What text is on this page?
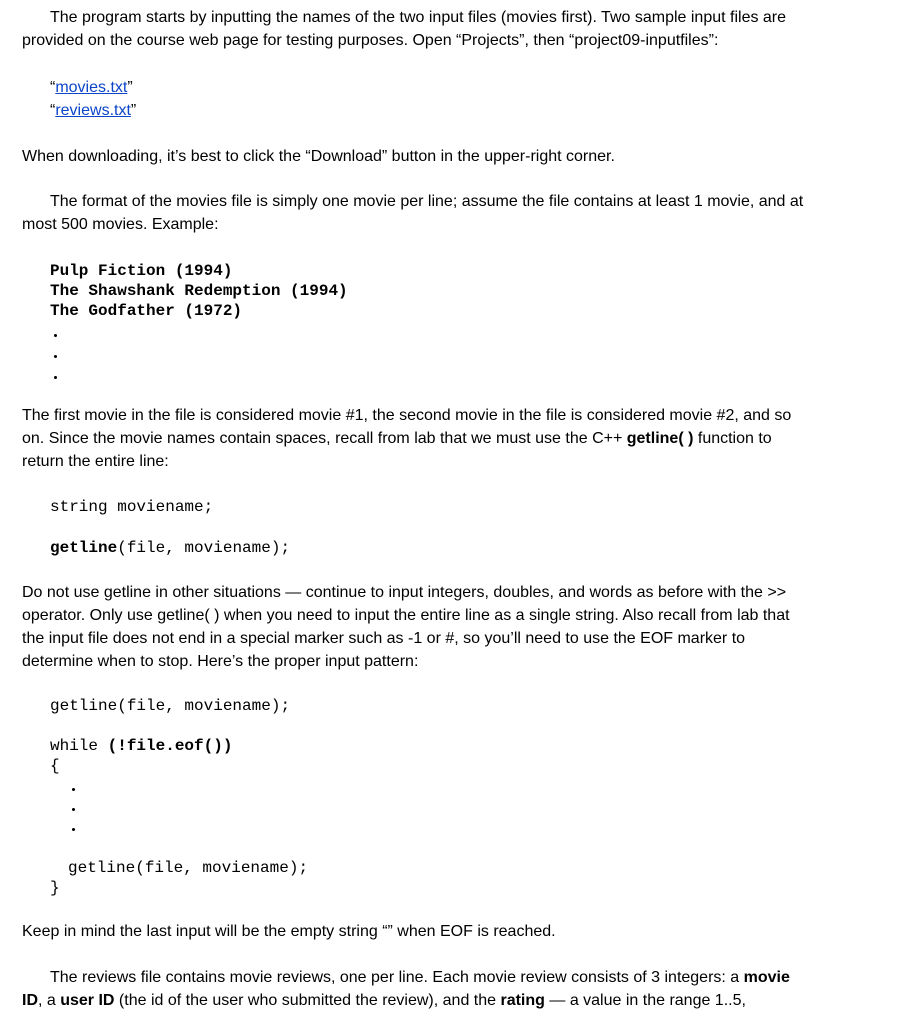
The program starts by inputting the names of the two input files (movies first). Two sample input files are
provided on the course web page for testing purposes. Open “Projects”, then “project09-inputfiles”:
“movies.txt”
“reviews.txt”
When downloading, it’s best to click the “Download” button in the upper-right corner.
The format of the movies file is simply one movie per line; assume the file contains at least 1 movie, and at
most 500 movies. Example:
Pulp Fiction (1994)
The Shawshank Redemption (1994)
The Godfather (1972)
The first movie in the file is considered movie #1, the second movie in the file is considered movie #2, and so
on. Since the movie names contain spaces, recall from lab that we must use the C++ getline( ) function to
return the entire line:
string moviename;
getline(file, moviename);
Do not use getline in other situations — continue to input integers, doubles, and words as before with the >>
operator. Only use getline( ) when you need to input the entire line as a single string. Also recall from lab that
the input file does not end in a special marker such as -1 or #, so you’ll need to use the EOF marker to
determine when to stop. Here’s the proper input pattern:
getline(file, moviename);
while (!file.eof())
{
getline(file, moviename);
}
Keep in mind the last input will be the empty string “” when EOF is reached.
The reviews file contains movie reviews, one per line. Each movie review consists of 3 integers: a movie
ID, a user ID (the id of the user who submitted the review), and the rating — a value in the range 1..5,
